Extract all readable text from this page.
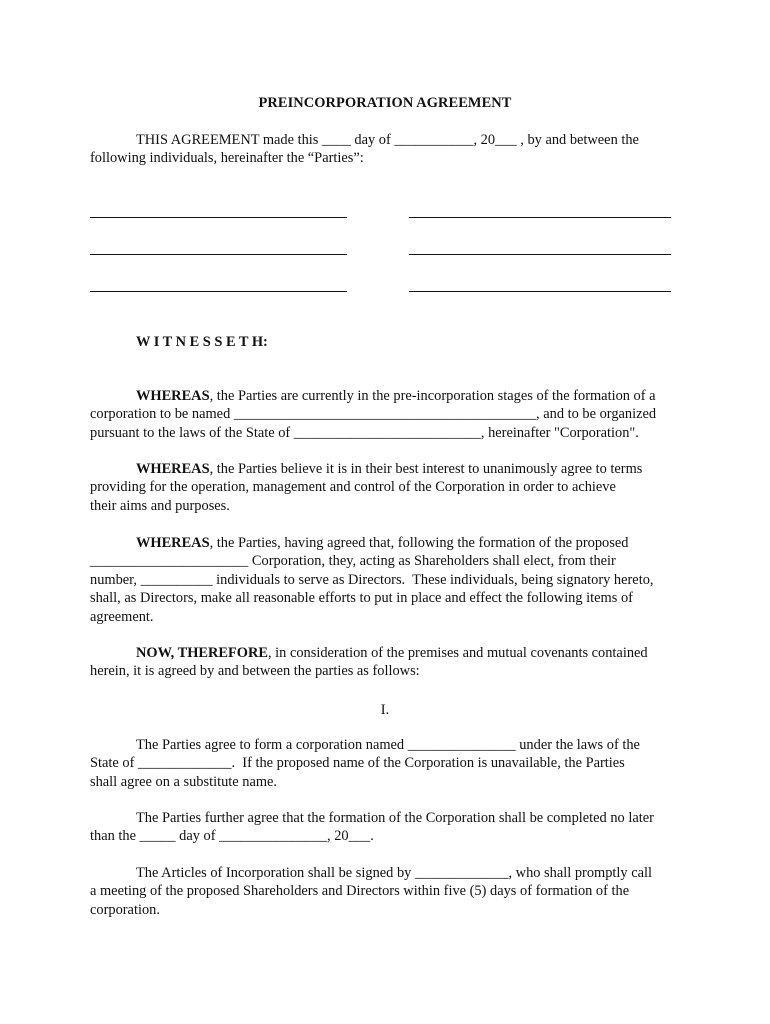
PREINCORPORATION AGREEMENT
THIS AGREEMENT made this ____ day of ___________, 20___ , by and between the
following individuals, hereinafter the “Parties”:
W I T N E S S E T H:
WHEREAS, the Parties are currently in the pre-incorporation stages of the formation of a
corporation to be named __________________________________________, and to be organized
pursuant to the laws of the State of __________________________, hereinafter "Corporation".
WHEREAS, the Parties believe it is in their best interest to unanimously agree to terms
providing for the operation, management and control of the Corporation in order to achieve
their aims and purposes.
WHEREAS, the Parties, having agreed that, following the formation of the proposed
______________________ Corporation, they, acting as Shareholders shall elect, from their
number, __________ individuals to serve as Directors.  These individuals, being signatory hereto,
shall, as Directors, make all reasonable efforts to put in place and effect the following items of
agreement.
NOW, THEREFORE, in consideration of the premises and mutual covenants contained
herein, it is agreed by and between the parties as follows:
I.
The Parties agree to form a corporation named _______________ under the laws of the
State of _____________.  If the proposed name of the Corporation is unavailable, the Parties
shall agree on a substitute name.
The Parties further agree that the formation of the Corporation shall be completed no later
than the _____ day of _______________, 20___.
The Articles of Incorporation shall be signed by _____________, who shall promptly call
a meeting of the proposed Shareholders and Directors within five (5) days of formation of the
corporation.
